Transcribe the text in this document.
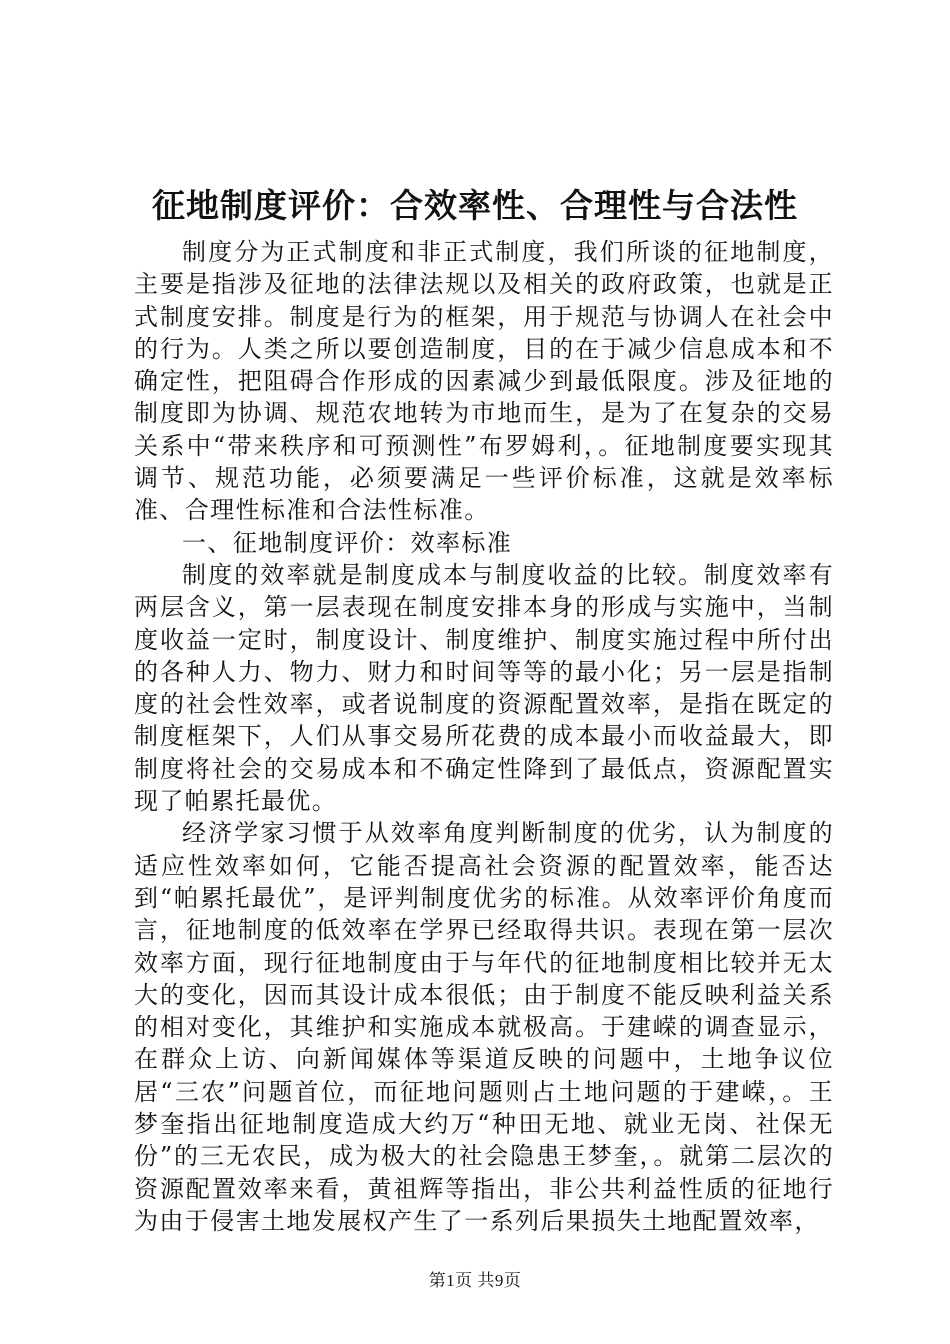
征地制度评价：合效率性、合理性与合法性

制度分为正式制度和非正式制度，我们所谈的征地制度，主要是指涉及征地的法律法规以及相关的政府政策，也就是正式制度安排。制度是行为的框架，用于规范与协调人在社会中的行为。人类之所以要创造制度，目的在于减少信息成本和不确定性，把阻碍合作形成的因素减少到最低限度。涉及征地的制度即为协调、规范农地转为市地而生，是为了在复杂的交易关系中“带来秩序和可预测性”布罗姆利，。征地制度要实现其调节、规范功能，必须要满足一些评价标准，这就是效率标准、合理性标准和合法性标准。

一、征地制度评价：效率标准

制度的效率就是制度成本与制度收益的比较。制度效率有两层含义，第一层表现在制度安排本身的形成与实施中，当制度收益一定时，制度设计、制度维护、制度实施过程中所付出的各种人力、物力、财力和时间等等的最小化；另一层是指制度的社会性效率，或者说制度的资源配置效率，是指在既定的制度框架下，人们从事交易所花费的成本最小而收益最大，即制度将社会的交易成本和不确定性降到了最低点，资源配置实现了帕累托最优。

经济学家习惯于从效率角度判断制度的优劣，认为制度的适应性效率如何，它能否提高社会资源的配置效率，能否达到“帕累托最优”，是评判制度优劣的标准。从效率评价角度而言，征地制度的低效率在学界已经取得共识。表现在第一层次效率方面，现行征地制度由于与年代的征地制度相比较并无太大的变化，因而其设计成本很低；由于制度不能反映利益关系的相对变化，其维护和实施成本就极高。于建嵘的调查显示，在群众上访、向新闻媒体等渠道反映的问题中，土地争议位居“三农”问题首位，而征地问题则占土地问题的于建嵘，。王梦奎指出征地制度造成大约万“种田无地、就业无岗、社保无份”的三无农民，成为极大的社会隐患王梦奎，。就第二层次的资源配置效率来看，黄祖辉等指出，非公共利益性质的征地行为由于侵害土地发展权产生了一系列后果损失土地配置效率，

第1页 共9页
